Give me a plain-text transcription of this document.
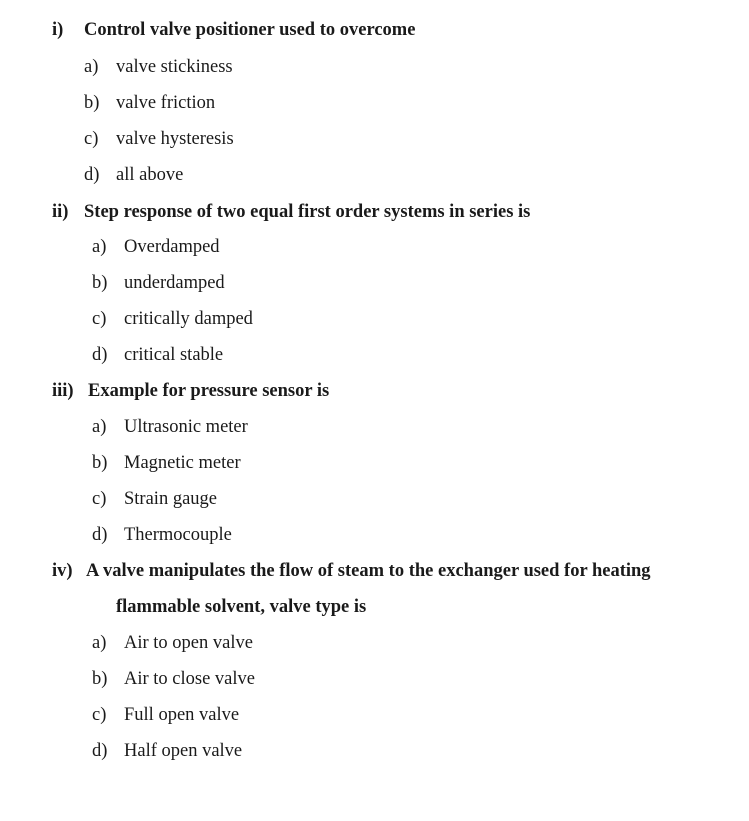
i) Control valve positioner used to overcome
a) valve stickiness
b) valve friction
c) valve hysteresis
d) all above
ii) Step response of two equal first order systems in series is
a) Overdamped
b) underdamped
c) critically damped
d) critical stable
iii) Example for pressure sensor is
a) Ultrasonic meter
b) Magnetic meter
c) Strain gauge
d) Thermocouple
iv) A valve manipulates the flow of steam to the exchanger used for heating
flammable solvent, valve type is
a) Air to open valve
b) Air to close valve
c) Full open valve
d) Half open valve
